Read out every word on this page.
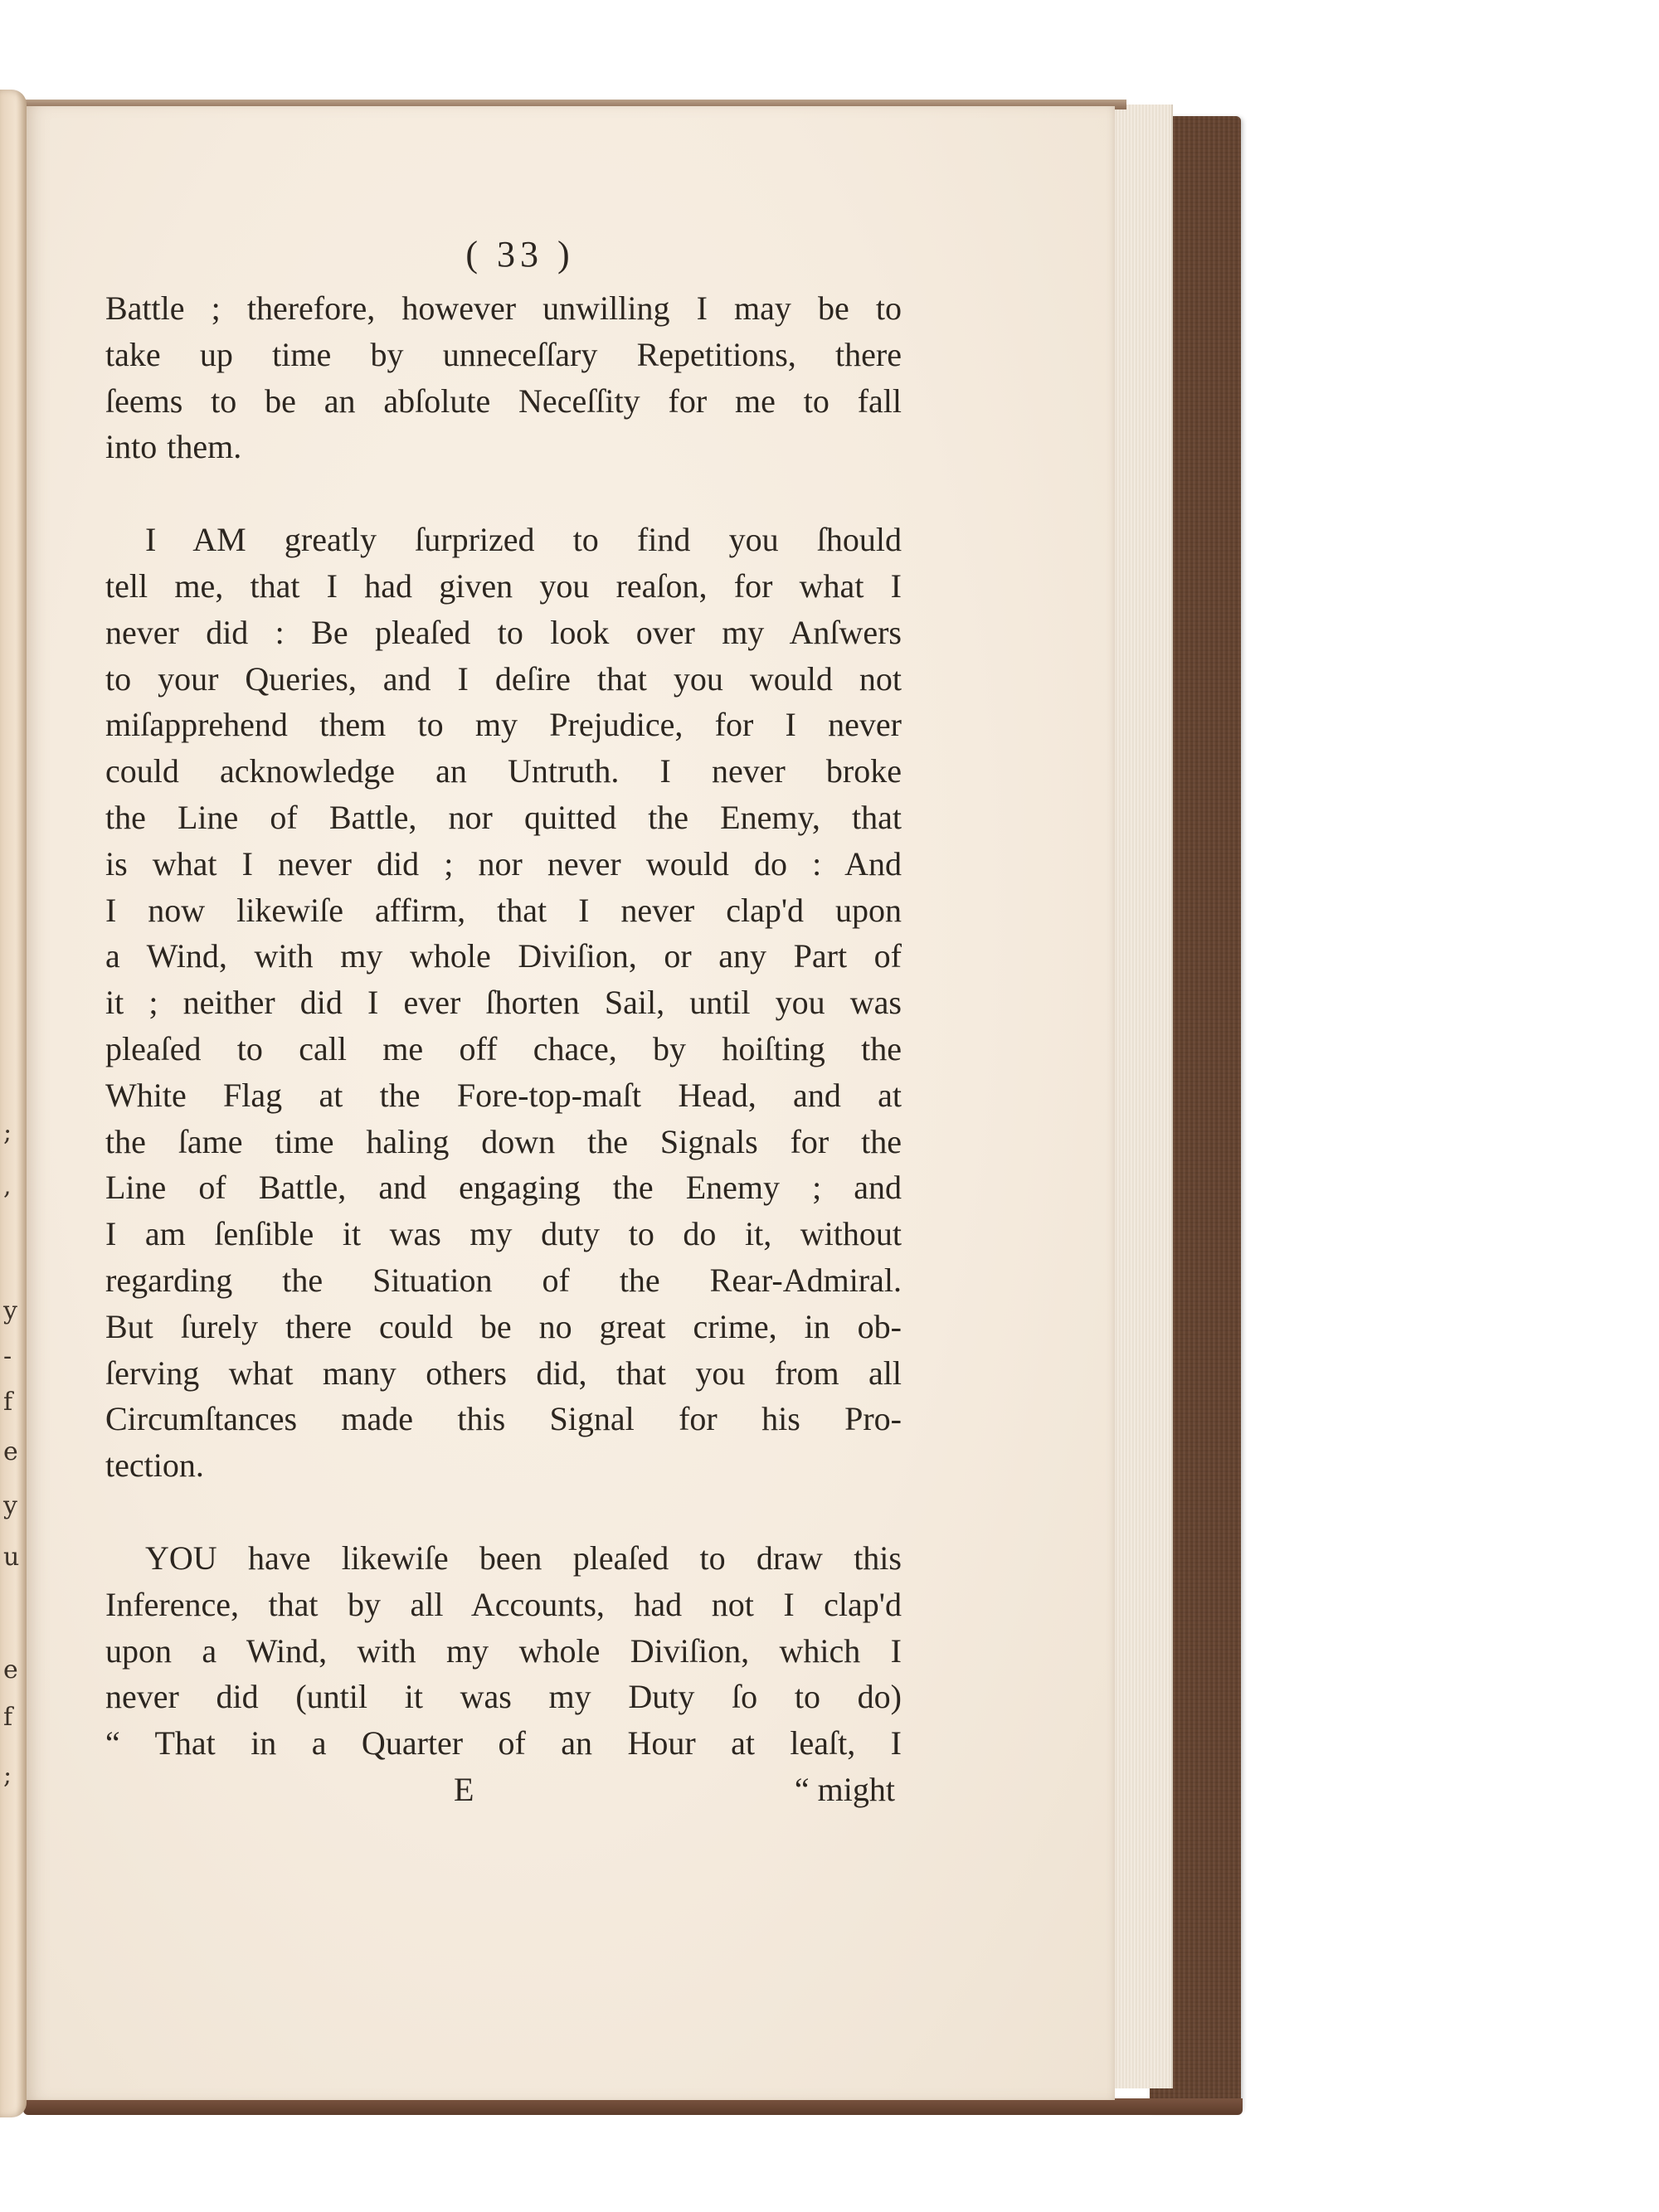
;
,
y
-
f
e
y
u
e
f
;
( 33 )
Battle ; therefore, however unwilling I may be to
take up time by unneceſſary Repetitions, there
ſeems to be an abſolute Neceſſity for me to fall
into them.
I AM greatly ſurprized to find you ſhould
tell me, that I had given you reaſon, for what I
never did : Be pleaſed to look over my Anſwers
to your Queries, and I deſire that you would not
miſapprehend them to my Prejudice, for I never
could acknowledge an Untruth. I never broke
the Line of Battle, nor quitted the Enemy, that
is what I never did ; nor never would do : And
I now likewiſe affirm, that I never clap'd upon
a Wind, with my whole Diviſion, or any Part of
it ; neither did I ever ſhorten Sail, until you was
pleaſed to call me off chace, by hoiſting the
White Flag at the Fore-top-maſt Head, and at
the ſame time haling down the Signals for the
Line of Battle, and engaging the Enemy ; and
I am ſenſible it was my duty to do it, without
regarding the Situation of the Rear-Admiral.
But ſurely there could be no great crime, in ob-
ſerving what many others did, that you from all
Circumſtances made this Signal for his Pro-
tection.
YOU have likewiſe been pleaſed to draw this
Inference, that by all Accounts, had not I clap'd
upon a Wind, with my whole Diviſion, which I
never did (until it was my Duty ſo to do)
“ That in a Quarter of an Hour at leaſt, I
E	“ might
